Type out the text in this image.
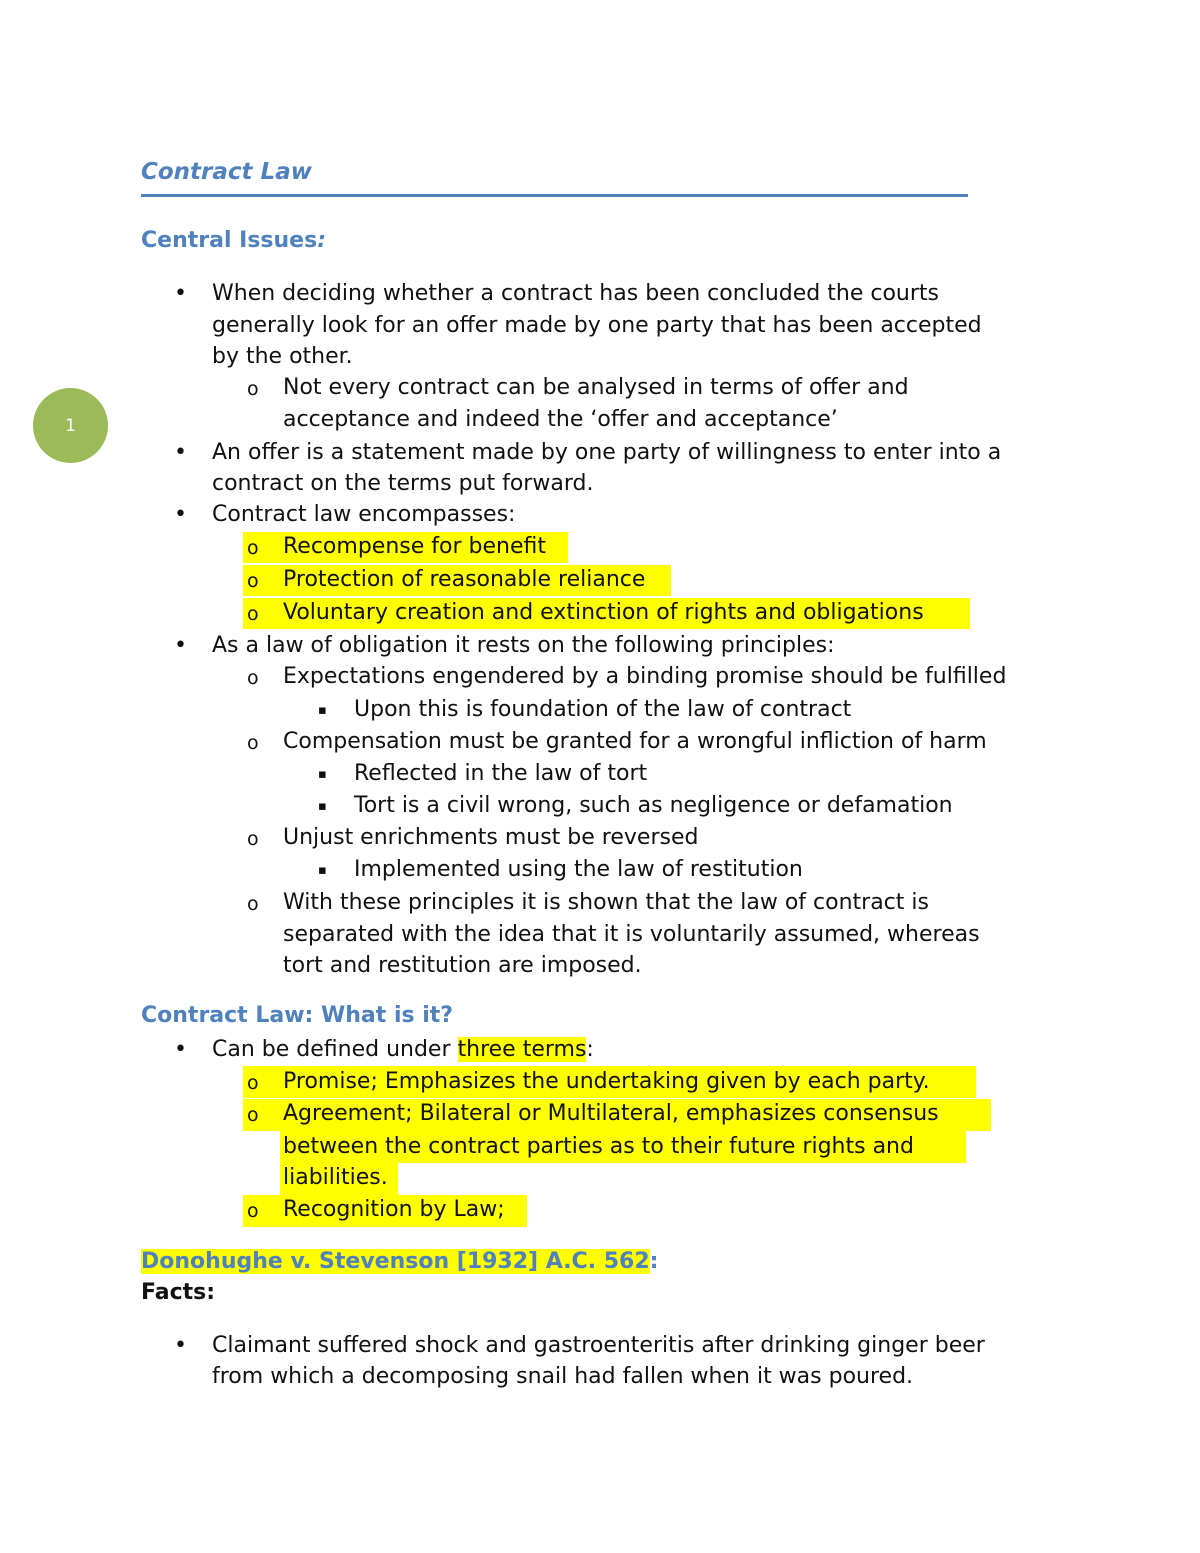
1
Contract Law
Central Issues:
• When deciding whether a contract has been concluded the courts
generally look for an offer made by one party that has been accepted
by the other.
o Not every contract can be analysed in terms of offer and
acceptance and indeed the ‘offer and acceptance’
• An offer is a statement made by one party of willingness to enter into a
contract on the terms put forward.
• Contract law encompasses:
o Recompense for benefit
o Protection of reasonable reliance
o Voluntary creation and extinction of rights and obligations
• As a law of obligation it rests on the following principles:
o Expectations engendered by a binding promise should be fulfilled
▪ Upon this is foundation of the law of contract
o Compensation must be granted for a wrongful infliction of harm
▪ Reflected in the law of tort
▪ Tort is a civil wrong, such as negligence or defamation
o Unjust enrichments must be reversed
▪ Implemented using the law of restitution
o With these principles it is shown that the law of contract is
separated with the idea that it is voluntarily assumed, whereas
tort and restitution are imposed.
Contract Law: What is it?
• Can be defined under three terms:
o Promise; Emphasizes the undertaking given by each party.
o Agreement; Bilateral or Multilateral, emphasizes consensus
between the contract parties as to their future rights and
liabilities.
o Recognition by Law;
Donohughe v. Stevenson [1932] A.C. 562:
Facts:
• Claimant suffered shock and gastroenteritis after drinking ginger beer
from which a decomposing snail had fallen when it was poured.
